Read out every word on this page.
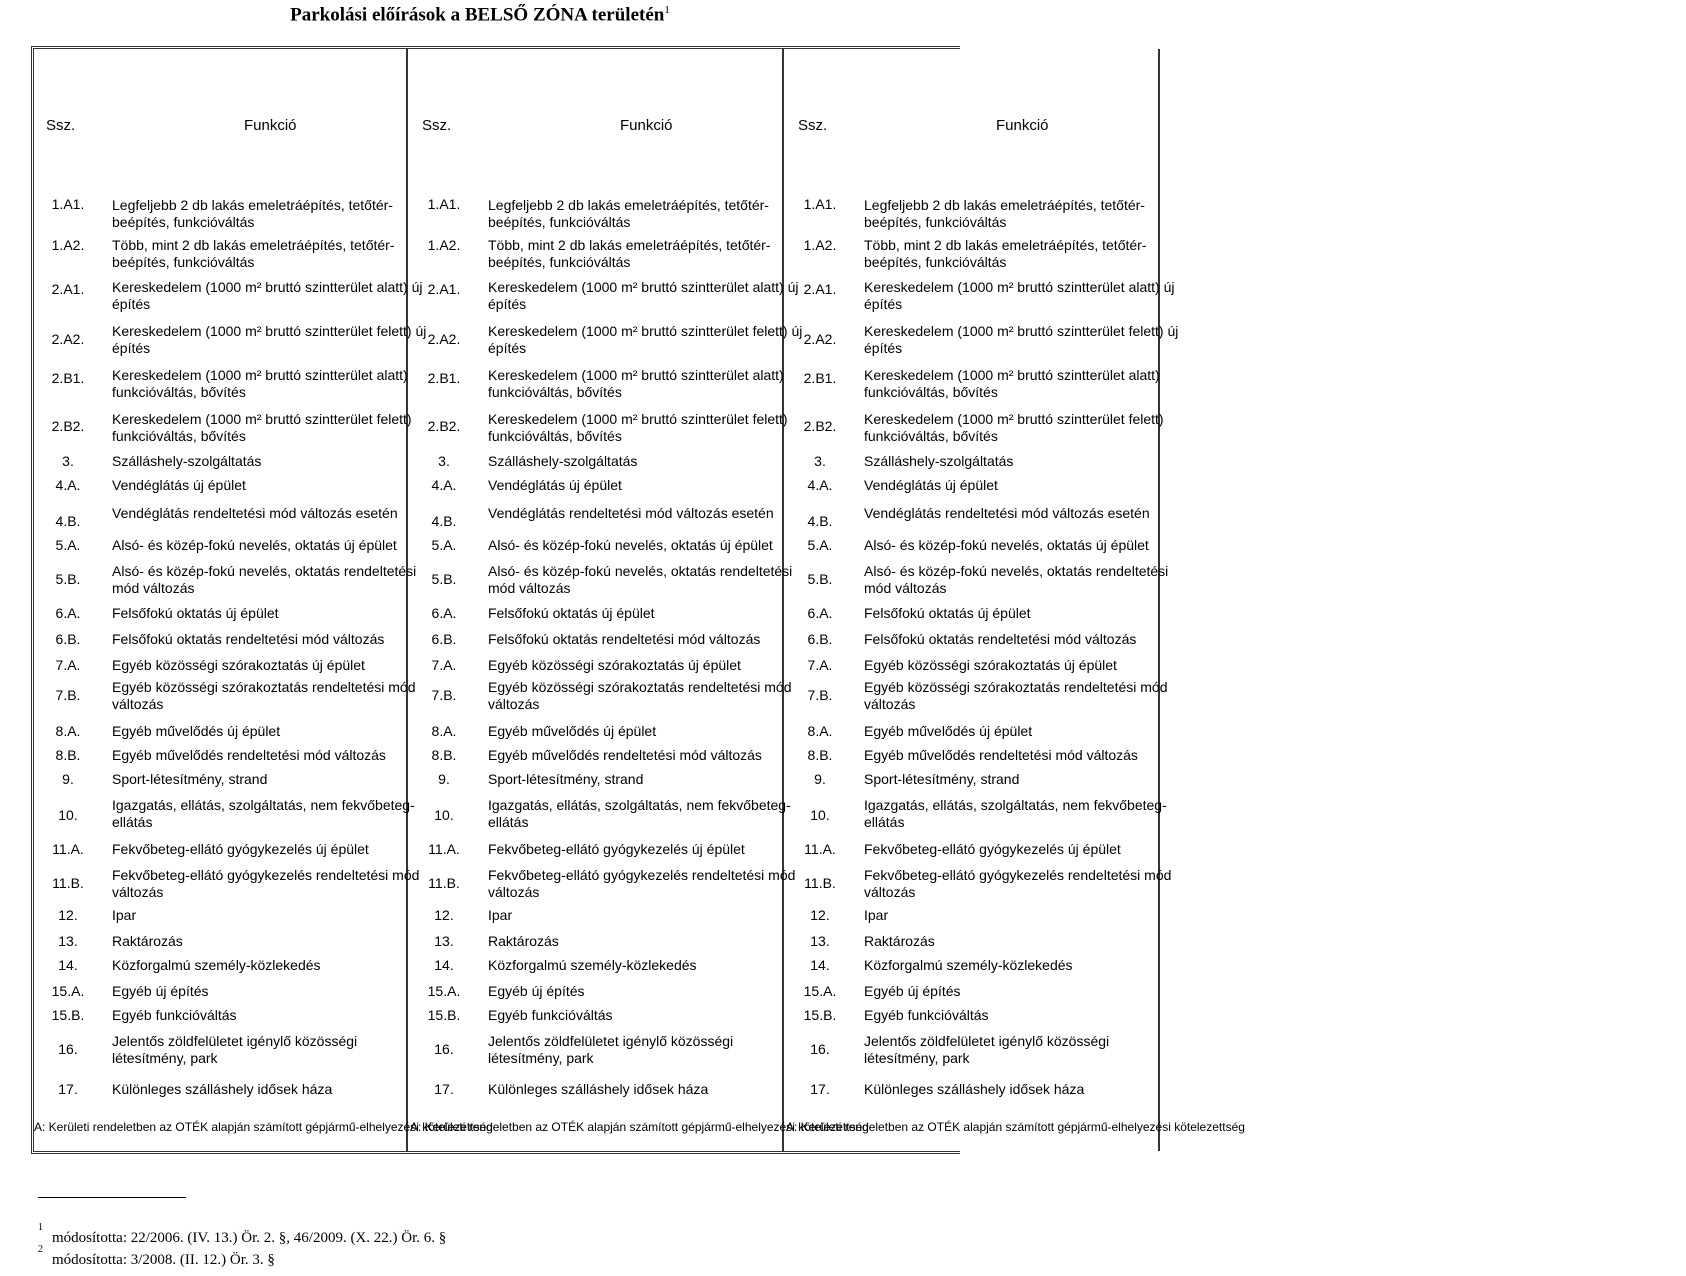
Parkolási előírások a BELSŐ ZÓNA területén$^1$
Ssz.	Funkció
1.A1.	Legfeljebb 2 db lakás emeletráépítés, tetőtér-
beépítés, funkcióváltás
1.A2.	Több, mint 2 db lakás emeletráépítés, tetőtér-
beépítés, funkcióváltás
2.A1.	Kereskedelem (1000 m² bruttó szintterület alatt) új
építés
2.A2.	Kereskedelem (1000 m² bruttó szintterület felett) új
építés
2.B1.	Kereskedelem (1000 m² bruttó szintterület alatt)
funkcióváltás, bővítés
2.B2.	Kereskedelem (1000 m² bruttó szintterület felett)
funkcióváltás, bővítés
3.	Szálláshely-szolgáltatás
4.A.	Vendéglátás új épület
4.B.	Vendéglátás rendeltetési mód változás esetén
5.A.	Alsó- és közép-fokú nevelés, oktatás új épület
5.B.	Alsó- és közép-fokú nevelés, oktatás rendeltetési
mód változás
6.A.	Felsőfokú oktatás új épület
6.B.	Felsőfokú oktatás rendeltetési mód változás
7.A.	Egyéb közösségi szórakoztatás új épület
7.B.	Egyéb közösségi szórakoztatás rendeltetési mód
változás
8.A.	Egyéb művelődés új épület
8.B.	Egyéb művelődés rendeltetési mód változás
9.	Sport-létesítmény, strand
10.
Igazgatás, ellátás, szolgáltatás, nem fekvőbeteg-
ellátás
11.A.	Fekvőbeteg-ellátó gyógykezelés új épület
11.B.	Fekvőbeteg-ellátó gyógykezelés rendeltetési mód
változás
12.	Ipar
13.	Raktározás
14.	Közforgalmú személy-közlekedés
15.A.	Egyéb új építés
15.B.	Egyéb funkcióváltás
16.	Jelentős zöldfelületet igénylő közösségi
létesítmény, park
17.	Különleges szálláshely idősek háza
A: Kerületi rendeletben az OTÉK alapján számított gépjármű-elhelyezési kötelezettség
Ssz.	Funkció
1.A1.	Legfeljebb 2 db lakás emeletráépítés, tetőtér-
beépítés, funkcióváltás
1.A2.	Több, mint 2 db lakás emeletráépítés, tetőtér-
beépítés, funkcióváltás
2.A1.	Kereskedelem (1000 m² bruttó szintterület alatt) új
építés
2.A2.	Kereskedelem (1000 m² bruttó szintterület felett) új
építés
2.B1.	Kereskedelem (1000 m² bruttó szintterület alatt)
funkcióváltás, bővítés
2.B2.	Kereskedelem (1000 m² bruttó szintterület felett)
funkcióváltás, bővítés
3.	Szálláshely-szolgáltatás
4.A.	Vendéglátás új épület
4.B.	Vendéglátás rendeltetési mód változás esetén
5.A.	Alsó- és közép-fokú nevelés, oktatás új épület
5.B.	Alsó- és közép-fokú nevelés, oktatás rendeltetési
mód változás
6.A.	Felsőfokú oktatás új épület
6.B.	Felsőfokú oktatás rendeltetési mód változás
7.A.	Egyéb közösségi szórakoztatás új épület
7.B.	Egyéb közösségi szórakoztatás rendeltetési mód
változás
8.A.	Egyéb művelődés új épület
8.B.	Egyéb művelődés rendeltetési mód változás
9.	Sport-létesítmény, strand
10.
Igazgatás, ellátás, szolgáltatás, nem fekvőbeteg-
ellátás
11.A.	Fekvőbeteg-ellátó gyógykezelés új épület
11.B.	Fekvőbeteg-ellátó gyógykezelés rendeltetési mód
változás
12.	Ipar
13.	Raktározás
14.	Közforgalmú személy-közlekedés
15.A.	Egyéb új építés
15.B.	Egyéb funkcióváltás
16.	Jelentős zöldfelületet igénylő közösségi
létesítmény, park
17.	Különleges szálláshely idősek háza
A: Kerületi rendeletben az OTÉK alapján számított gépjármű-elhelyezési kötelezettség
Ssz.	Funkció
1.A1.	Legfeljebb 2 db lakás emeletráépítés, tetőtér-
beépítés, funkcióváltás
1.A2.	Több, mint 2 db lakás emeletráépítés, tetőtér-
beépítés, funkcióváltás
2.A1.	Kereskedelem (1000 m² bruttó szintterület alatt) új
építés
2.A2.	Kereskedelem (1000 m² bruttó szintterület felett) új
építés
2.B1.	Kereskedelem (1000 m² bruttó szintterület alatt)
funkcióváltás, bővítés
2.B2.	Kereskedelem (1000 m² bruttó szintterület felett)
funkcióváltás, bővítés
3.	Szálláshely-szolgáltatás
4.A.	Vendéglátás új épület
4.B.	Vendéglátás rendeltetési mód változás esetén
5.A.	Alsó- és közép-fokú nevelés, oktatás új épület
5.B.	Alsó- és közép-fokú nevelés, oktatás rendeltetési
mód változás
6.A.	Felsőfokú oktatás új épület
6.B.	Felsőfokú oktatás rendeltetési mód változás
7.A.	Egyéb közösségi szórakoztatás új épület
7.B.	Egyéb közösségi szórakoztatás rendeltetési mód
változás
8.A.	Egyéb művelődés új épület
8.B.	Egyéb művelődés rendeltetési mód változás
9.	Sport-létesítmény, strand
10.
Igazgatás, ellátás, szolgáltatás, nem fekvőbeteg-
ellátás
11.A.	Fekvőbeteg-ellátó gyógykezelés új épület
11.B.	Fekvőbeteg-ellátó gyógykezelés rendeltetési mód
változás
12.	Ipar
13.	Raktározás
14.	Közforgalmú személy-közlekedés
15.A.	Egyéb új építés
15.B.	Egyéb funkcióváltás
16.	Jelentős zöldfelületet igénylő közösségi
létesítmény, park
17.	Különleges szálláshely idősek háza
A: Kerületi rendeletben az OTÉK alapján számított gépjármű-elhelyezési kötelezettség
1
módosította: 22/2006. (IV. 13.) Ör. 2. §, 46/2009. (X. 22.) Ör. 6. §
2
módosította: 3/2008. (II. 12.) Ör. 3. §
